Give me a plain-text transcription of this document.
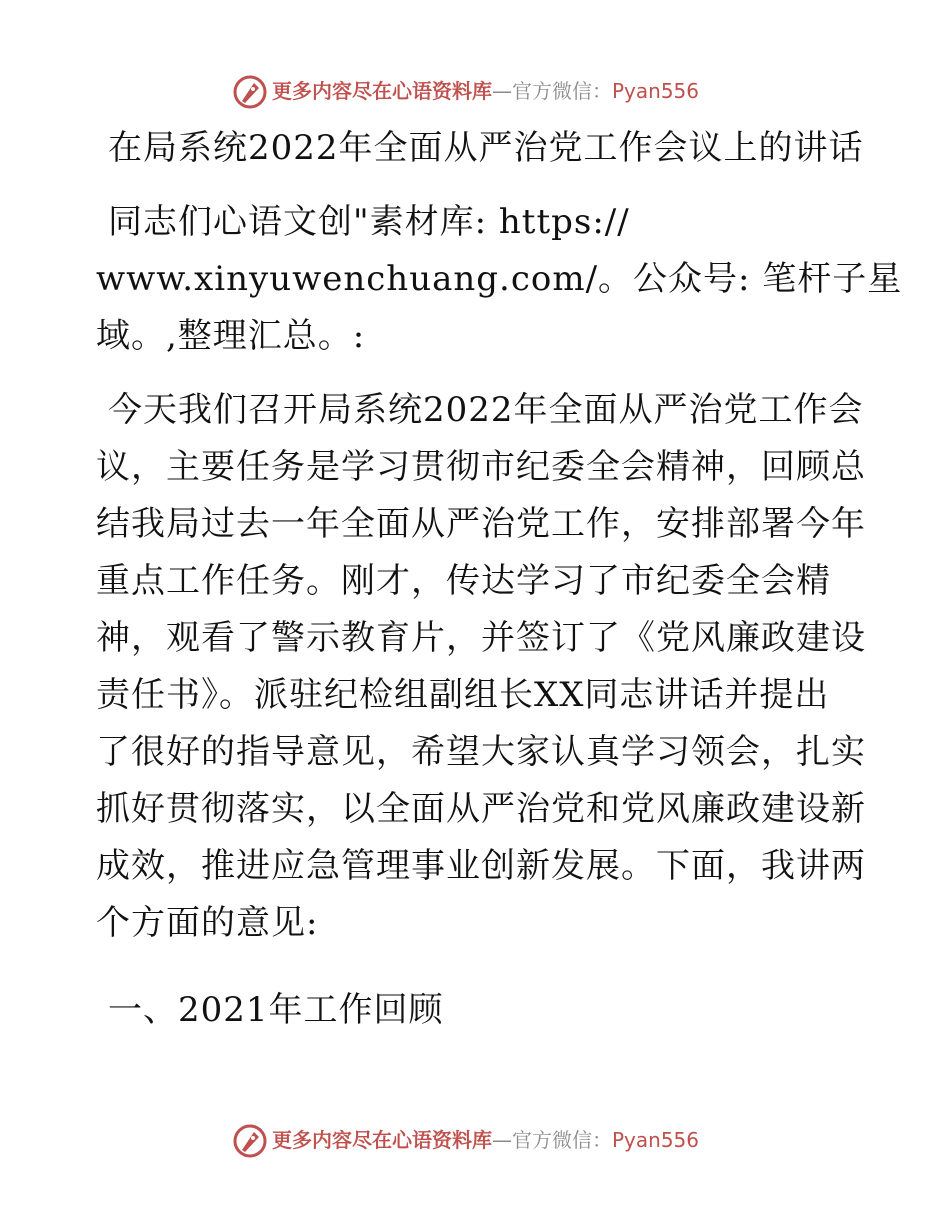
更多内容尽在心语资料库—官方微信：Pyan556
在局系统2022年全面从严治党工作会议上的讲话
同志们心语文创"素材库: https://
www.xinyuwenchuang.com/。公众号: 笔杆子星
域。,整理汇总。:
今天我们召开局系统2022年全面从严治党工作会
议，主要任务是学习贯彻市纪委全会精神，回顾总
结我局过去一年全面从严治党工作，安排部署今年
重点工作任务。刚才，传达学习了市纪委全会精
神，观看了警示教育片，并签订了《党风廉政建设
责任书》。派驻纪检组副组长XX同志讲话并提出
了很好的指导意见，希望大家认真学习领会，扎实
抓好贯彻落实，以全面从严治党和党风廉政建设新
成效，推进应急管理事业创新发展。下面，我讲两
个方面的意见:
一、2021年工作回顾
更多内容尽在心语资料库—官方微信：Pyan556
